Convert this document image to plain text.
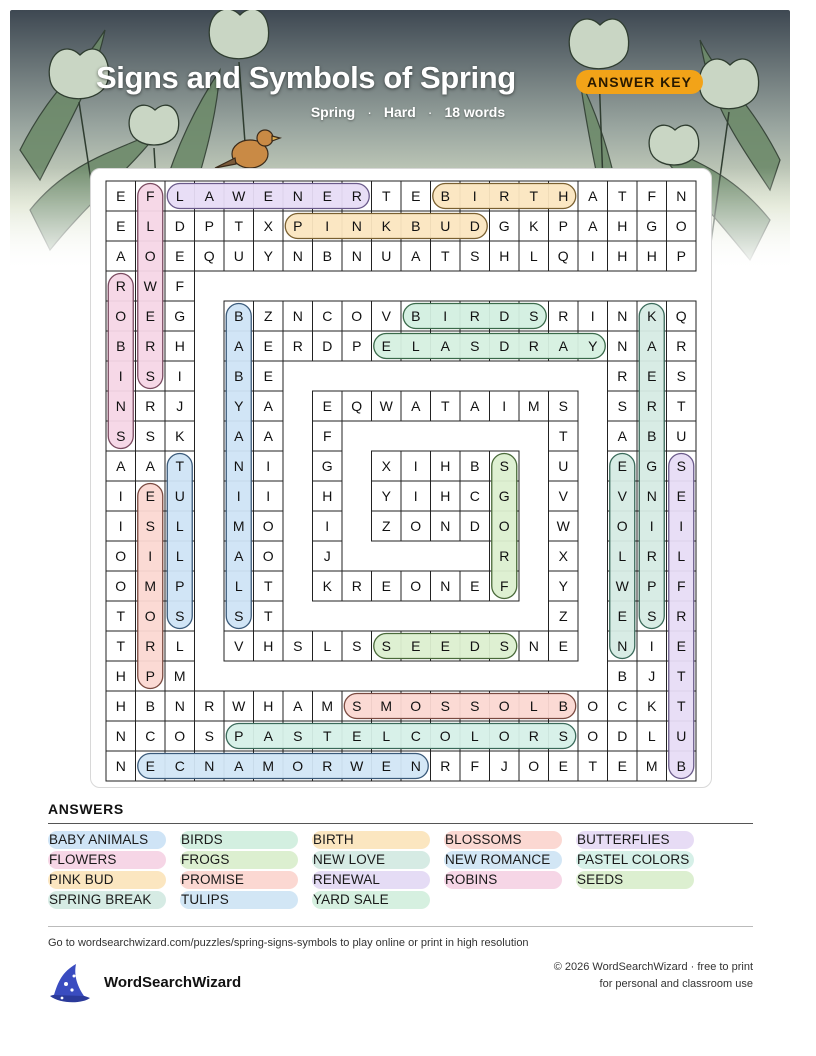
Signs and Symbols of Spring	ANSWER KEY
Spring · Hard · 18 words
E F L A W E N E R T E B I R T H A T F N
E L D P T X P I N K B U D G K P A H G O
A O E Q U Y N B N U A T S H L Q I H H P
R W F
O E G	B Z N C O V B I R D S R I N K Q
B R H	A E R D P E L A S D R A Y N A R
I S I	B E	R E S
N R J	Y A	E Q W A T A I M S	S R T
S S K	A A	F	T	A B U
A A T	N I	G	X I H B S	U	E G S
I E U	I I	H	Y I H C G	V	V N E
I S L	M O	I	Z O N D O	W	O I I
O I L	A O	J	R	X	L R L
O M P	L T	K R E O N E F	Y	W P F
T O S	S T	Z	E S R
T R L	V H S L S S E E D S N E	N I E
H P M	B J T
H B N R W H A M S M O S S O L B O C K T
N C O S P A S T E L C O L O R S O D L U
N E C N A M O R W E N R F J O E T E M B
ANSWERS
BABY ANIMALS	BIRDS	BIRTH	BLOSSOMS	BUTTERFLIES
FLOWERS	FROGS	NEW LOVE	NEW ROMANCE	PASTEL COLORS
PINK BUD	PROMISE	RENEWAL	ROBINS	SEEDS
SPRING BREAK	TULIPS	YARD SALE
Go to wordsearchwizard.com/puzzles/spring-signs-symbols to play online or print in high resolution
WordSearchWizard
© 2026 WordSearchWizard · free to print for personal and classroom use
